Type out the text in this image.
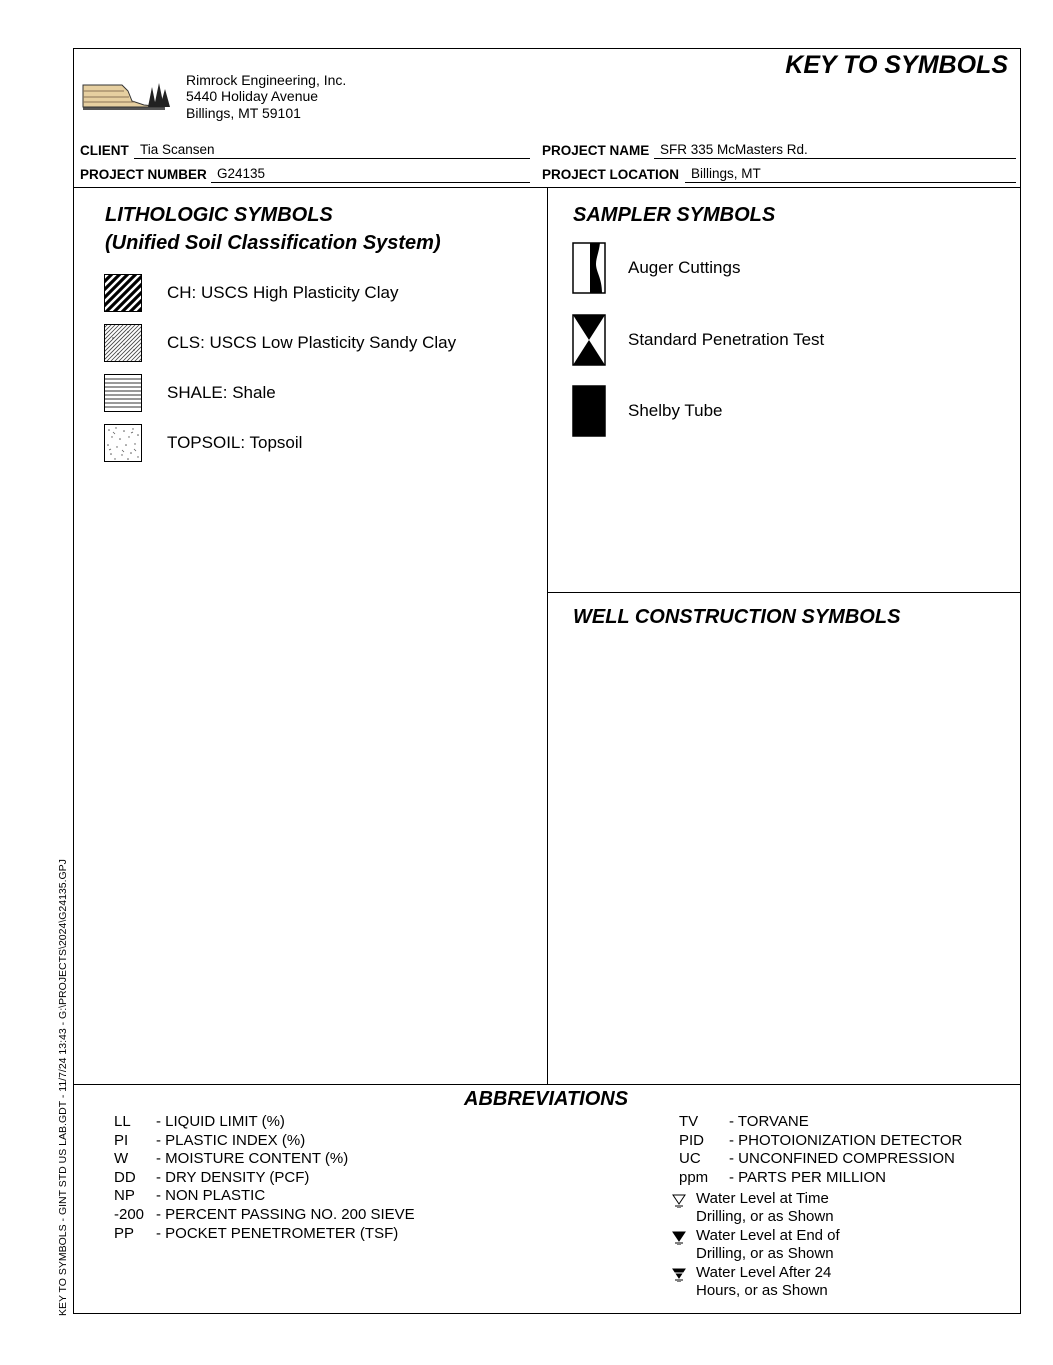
Rimrock Engineering, Inc.
5440 Holiday Avenue
Billings, MT 59101
KEY TO SYMBOLS
CLIENT Tia Scansen	PROJECT NAME SFR 335 McMasters Rd.
PROJECT NUMBER G24135	PROJECT LOCATION Billings, MT
LITHOLOGIC SYMBOLS
(Unified Soil Classification System)
CH: USCS High Plasticity Clay
CLS: USCS Low Plasticity Sandy Clay
SHALE: Shale
TOPSOIL: Topsoil
SAMPLER SYMBOLS
Auger Cuttings
Standard Penetration Test
Shelby Tube
WELL CONSTRUCTION SYMBOLS
ABBREVIATIONS
LL - LIQUID LIMIT (%)
PI - PLASTIC INDEX (%)
W - MOISTURE CONTENT (%)
DD - DRY DENSITY (PCF)
NP - NON PLASTIC
-200 - PERCENT PASSING NO. 200 SIEVE
PP - POCKET PENETROMETER (TSF)
TV - TORVANE
PID - PHOTOIONIZATION DETECTOR
UC - UNCONFINED COMPRESSION
ppm - PARTS PER MILLION
Water Level at Time
Drilling, or as Shown
Water Level at End of
Drilling, or as Shown
Water Level After 24
Hours, or as Shown
KEY TO SYMBOLS - GINT STD US LAB.GDT - 11/7/24 13:43 - G:\PROJECTS\2024\G24135.GPJ
